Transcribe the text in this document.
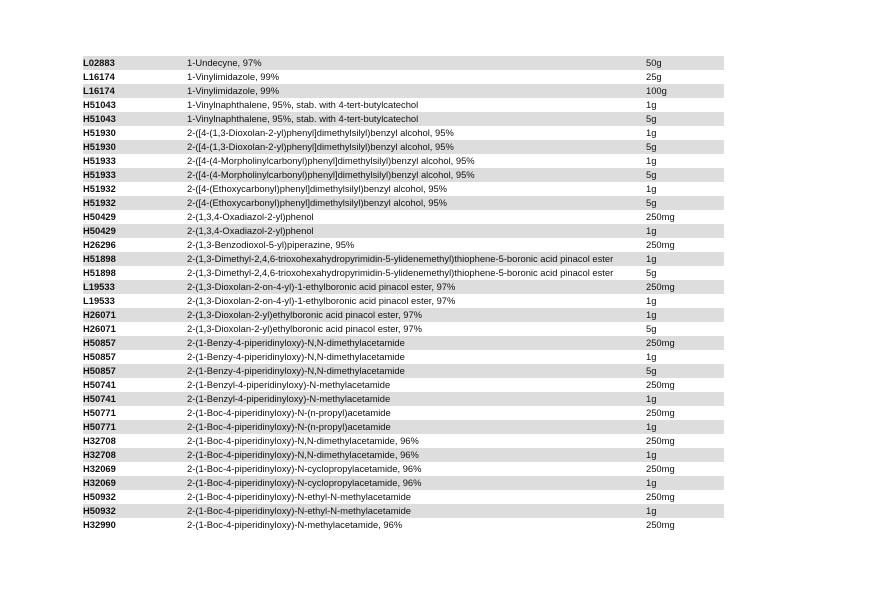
L02883	1-Undecyne, 97%	50g
L16174	1-Vinylimidazole, 99%	25g
L16174	1-Vinylimidazole, 99%	100g
H51043	1-Vinylnaphthalene, 95%, stab. with 4-tert-butylcatechol	1g
H51043	1-Vinylnaphthalene, 95%, stab. with 4-tert-butylcatechol	5g
H51930	2-([4-(1,3-Dioxolan-2-yl)phenyl]dimethylsilyl)benzyl alcohol, 95%	1g
H51930	2-([4-(1,3-Dioxolan-2-yl)phenyl]dimethylsilyl)benzyl alcohol, 95%	5g
H51933	2-([4-(4-Morpholinylcarbonyl)phenyl]dimethylsilyl)benzyl alcohol, 95%	1g
H51933	2-([4-(4-Morpholinylcarbonyl)phenyl]dimethylsilyl)benzyl alcohol, 95%	5g
H51932	2-([4-(Ethoxycarbonyl)phenyl]dimethylsilyl)benzyl alcohol, 95%	1g
H51932	2-([4-(Ethoxycarbonyl)phenyl]dimethylsilyl)benzyl alcohol, 95%	5g
H50429	2-(1,3,4-Oxadiazol-2-yl)phenol	250mg
H50429	2-(1,3,4-Oxadiazol-2-yl)phenol	1g
H26296	2-(1,3-Benzodioxol-5-yl)piperazine, 95%	250mg
H51898	2-(1,3-Dimethyl-2,4,6-trioxohexahydropyrimidin-5-ylidenemethyl)thiophene-5-boronic acid pinacol ester	1g
H51898	2-(1,3-Dimethyl-2,4,6-trioxohexahydropyrimidin-5-ylidenemethyl)thiophene-5-boronic acid pinacol ester	5g
L19533	2-(1,3-Dioxolan-2-on-4-yl)-1-ethylboronic acid pinacol ester, 97%	250mg
L19533	2-(1,3-Dioxolan-2-on-4-yl)-1-ethylboronic acid pinacol ester, 97%	1g
H26071	2-(1,3-Dioxolan-2-yl)ethylboronic acid pinacol ester, 97%	1g
H26071	2-(1,3-Dioxolan-2-yl)ethylboronic acid pinacol ester, 97%	5g
H50857	2-(1-Benzy-4-piperidinyloxy)-N,N-dimethylacetamide	250mg
H50857	2-(1-Benzy-4-piperidinyloxy)-N,N-dimethylacetamide	1g
H50857	2-(1-Benzy-4-piperidinyloxy)-N,N-dimethylacetamide	5g
H50741	2-(1-Benzyl-4-piperidinyloxy)-N-methylacetamide	250mg
H50741	2-(1-Benzyl-4-piperidinyloxy)-N-methylacetamide	1g
H50771	2-(1-Boc-4-piperidinyloxy)-N-(n-propyl)acetamide	250mg
H50771	2-(1-Boc-4-piperidinyloxy)-N-(n-propyl)acetamide	1g
H32708	2-(1-Boc-4-piperidinyloxy)-N,N-dimethylacetamide, 96%	250mg
H32708	2-(1-Boc-4-piperidinyloxy)-N,N-dimethylacetamide, 96%	1g
H32069	2-(1-Boc-4-piperidinyloxy)-N-cyclopropylacetamide, 96%	250mg
H32069	2-(1-Boc-4-piperidinyloxy)-N-cyclopropylacetamide, 96%	1g
H50932	2-(1-Boc-4-piperidinyloxy)-N-ethyl-N-methylacetamide	250mg
H50932	2-(1-Boc-4-piperidinyloxy)-N-ethyl-N-methylacetamide	1g
H32990	2-(1-Boc-4-piperidinyloxy)-N-methylacetamide, 96%	250mg
